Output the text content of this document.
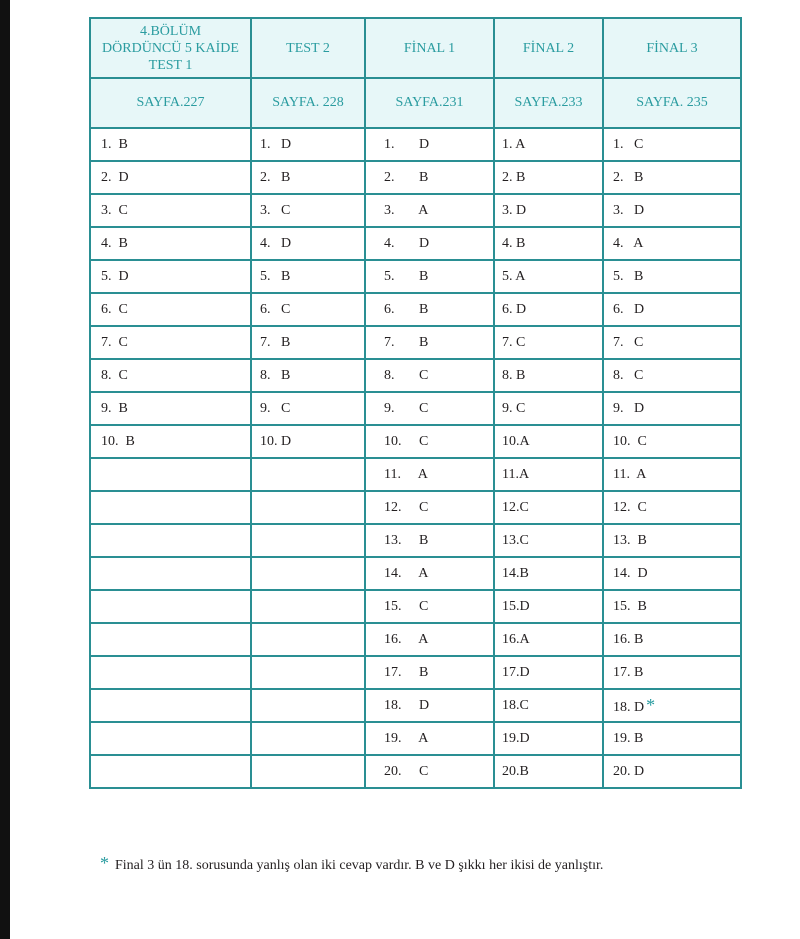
4.BÖLÜM
DÖRDÜNCÜ 5 KAİDE
TEST 1	TEST 2	FİNAL 1	FİNAL 2	FİNAL 3
SAYFA.227	SAYFA. 228	SAYFA.231	SAYFA.233	SAYFA. 235
1.  B	1.   D	1.       D	1. A	1.   C
2.  D	2.   B	2.       B	2. B	2.   B
3.  C	3.   C	3.       A	3. D	3.   D
4.  B	4.   D	4.       D	4. B	4.   A
5.  D	5.   B	5.       B	5. A	5.   B
6.  C	6.   C	6.       B	6. D	6.   D
7.  C	7.   B	7.       B	7. C	7.   C
8.  C	8.   B	8.       C	8. B	8.   C
9.  B	9.   C	9.       C	9. C	9.   D
10.  B	10. D	10.     C	10.A	10.  C
		11.     A	11.A	11.  A
		12.     C	12.C	12.  C
		13.     B	13.C	13.  B
		14.     A	14.B	14.  D
		15.     C	15.D	15.  B
		16.     A	16.A	16. B
		17.     B	17.D	17. B
		18.     D	18.C	18. D *
		19.     A	19.D	19. B
		20.     C	20.B	20. D
* Final 3 ün 18. sorusunda yanlış olan iki cevap vardır. B ve D şıkkı her ikisi de yanlıştır.
